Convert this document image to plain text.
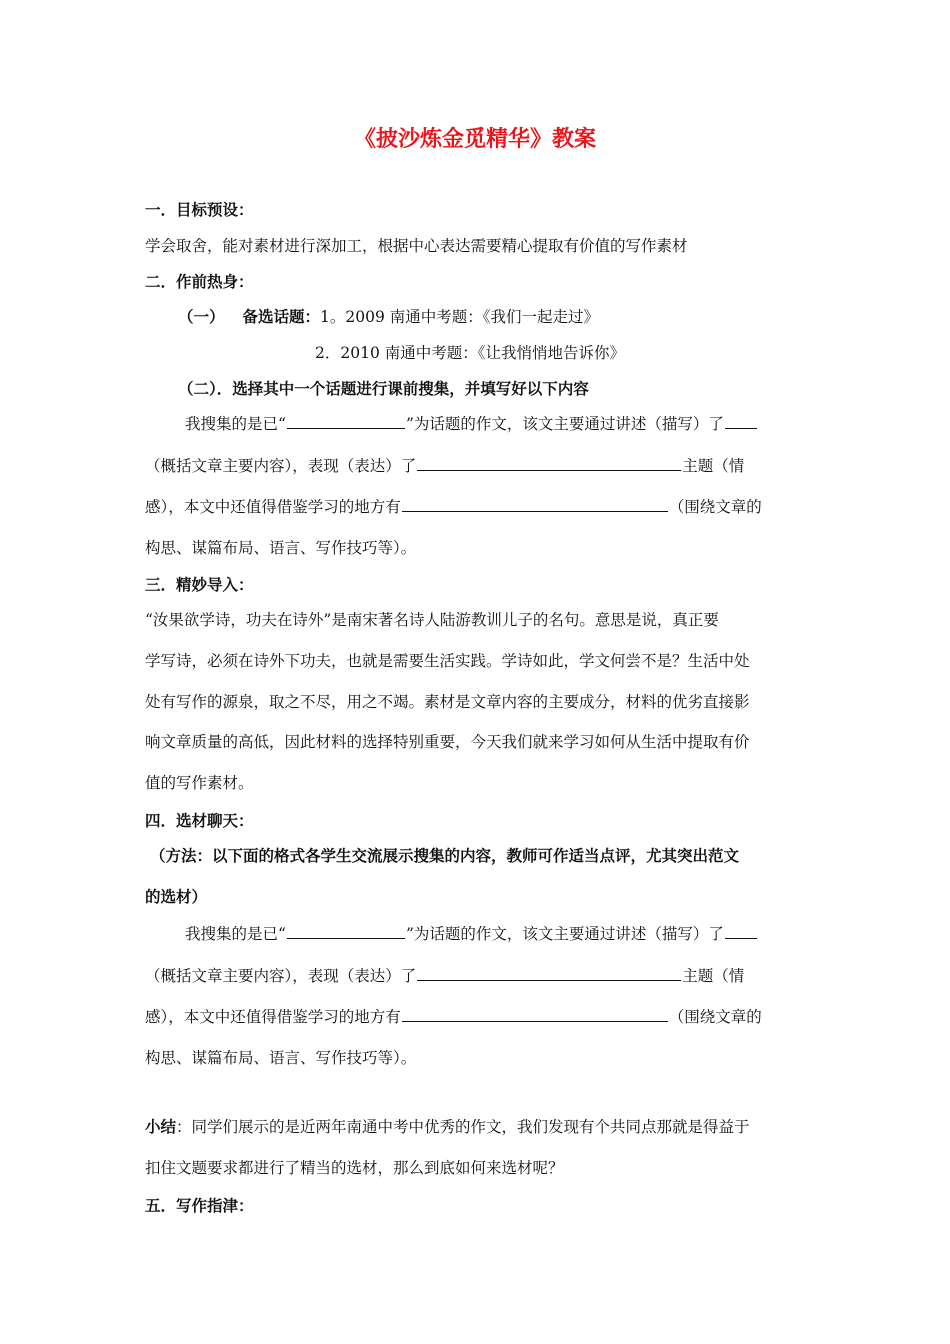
《披沙炼金觅精华》教案
一．目标预设：
学会取舍，能对素材进行深加工，根据中心表达需要精心提取有价值的写作素材
二．作前热身：
（一） 备选话题：1。2009 南通中考题：《我们一起走过》
2．2010 南通中考题：《让我悄悄地告诉你》
（二）．选择其中一个话题进行课前搜集，并填写好以下内容
我搜集的是已“	”为话题的作文，该文主要通过讲述（描写）了
（概括文章主要内容），表现（表达）了	主题（情
感），本文中还值得借鉴学习的地方有	（围绕文章的
构思、谋篇布局、语言、写作技巧等）。
三．精妙导入：
“汝果欲学诗，功夫在诗外”是南宋著名诗人陆游教训儿子的名句。意思是说，真正要
学写诗，必须在诗外下功夫，也就是需要生活实践。学诗如此，学文何尝不是？生活中处
处有写作的源泉，取之不尽，用之不竭。素材是文章内容的主要成分，材料的优劣直接影
响文章质量的高低，因此材料的选择特别重要，今天我们就来学习如何从生活中提取有价
值的写作素材。
四．选材聊天：
（方法：以下面的格式各学生交流展示搜集的内容，教师可作适当点评，尤其突出范文
的选材）
我搜集的是已“	”为话题的作文，该文主要通过讲述（描写）了
（概括文章主要内容），表现（表达）了	主题（情
感），本文中还值得借鉴学习的地方有	（围绕文章的
构思、谋篇布局、语言、写作技巧等）。
小结：同学们展示的是近两年南通中考中优秀的作文，我们发现有个共同点那就是得益于
扣住文题要求都进行了精当的选材，那么到底如何来选材呢？
五．写作指津：
